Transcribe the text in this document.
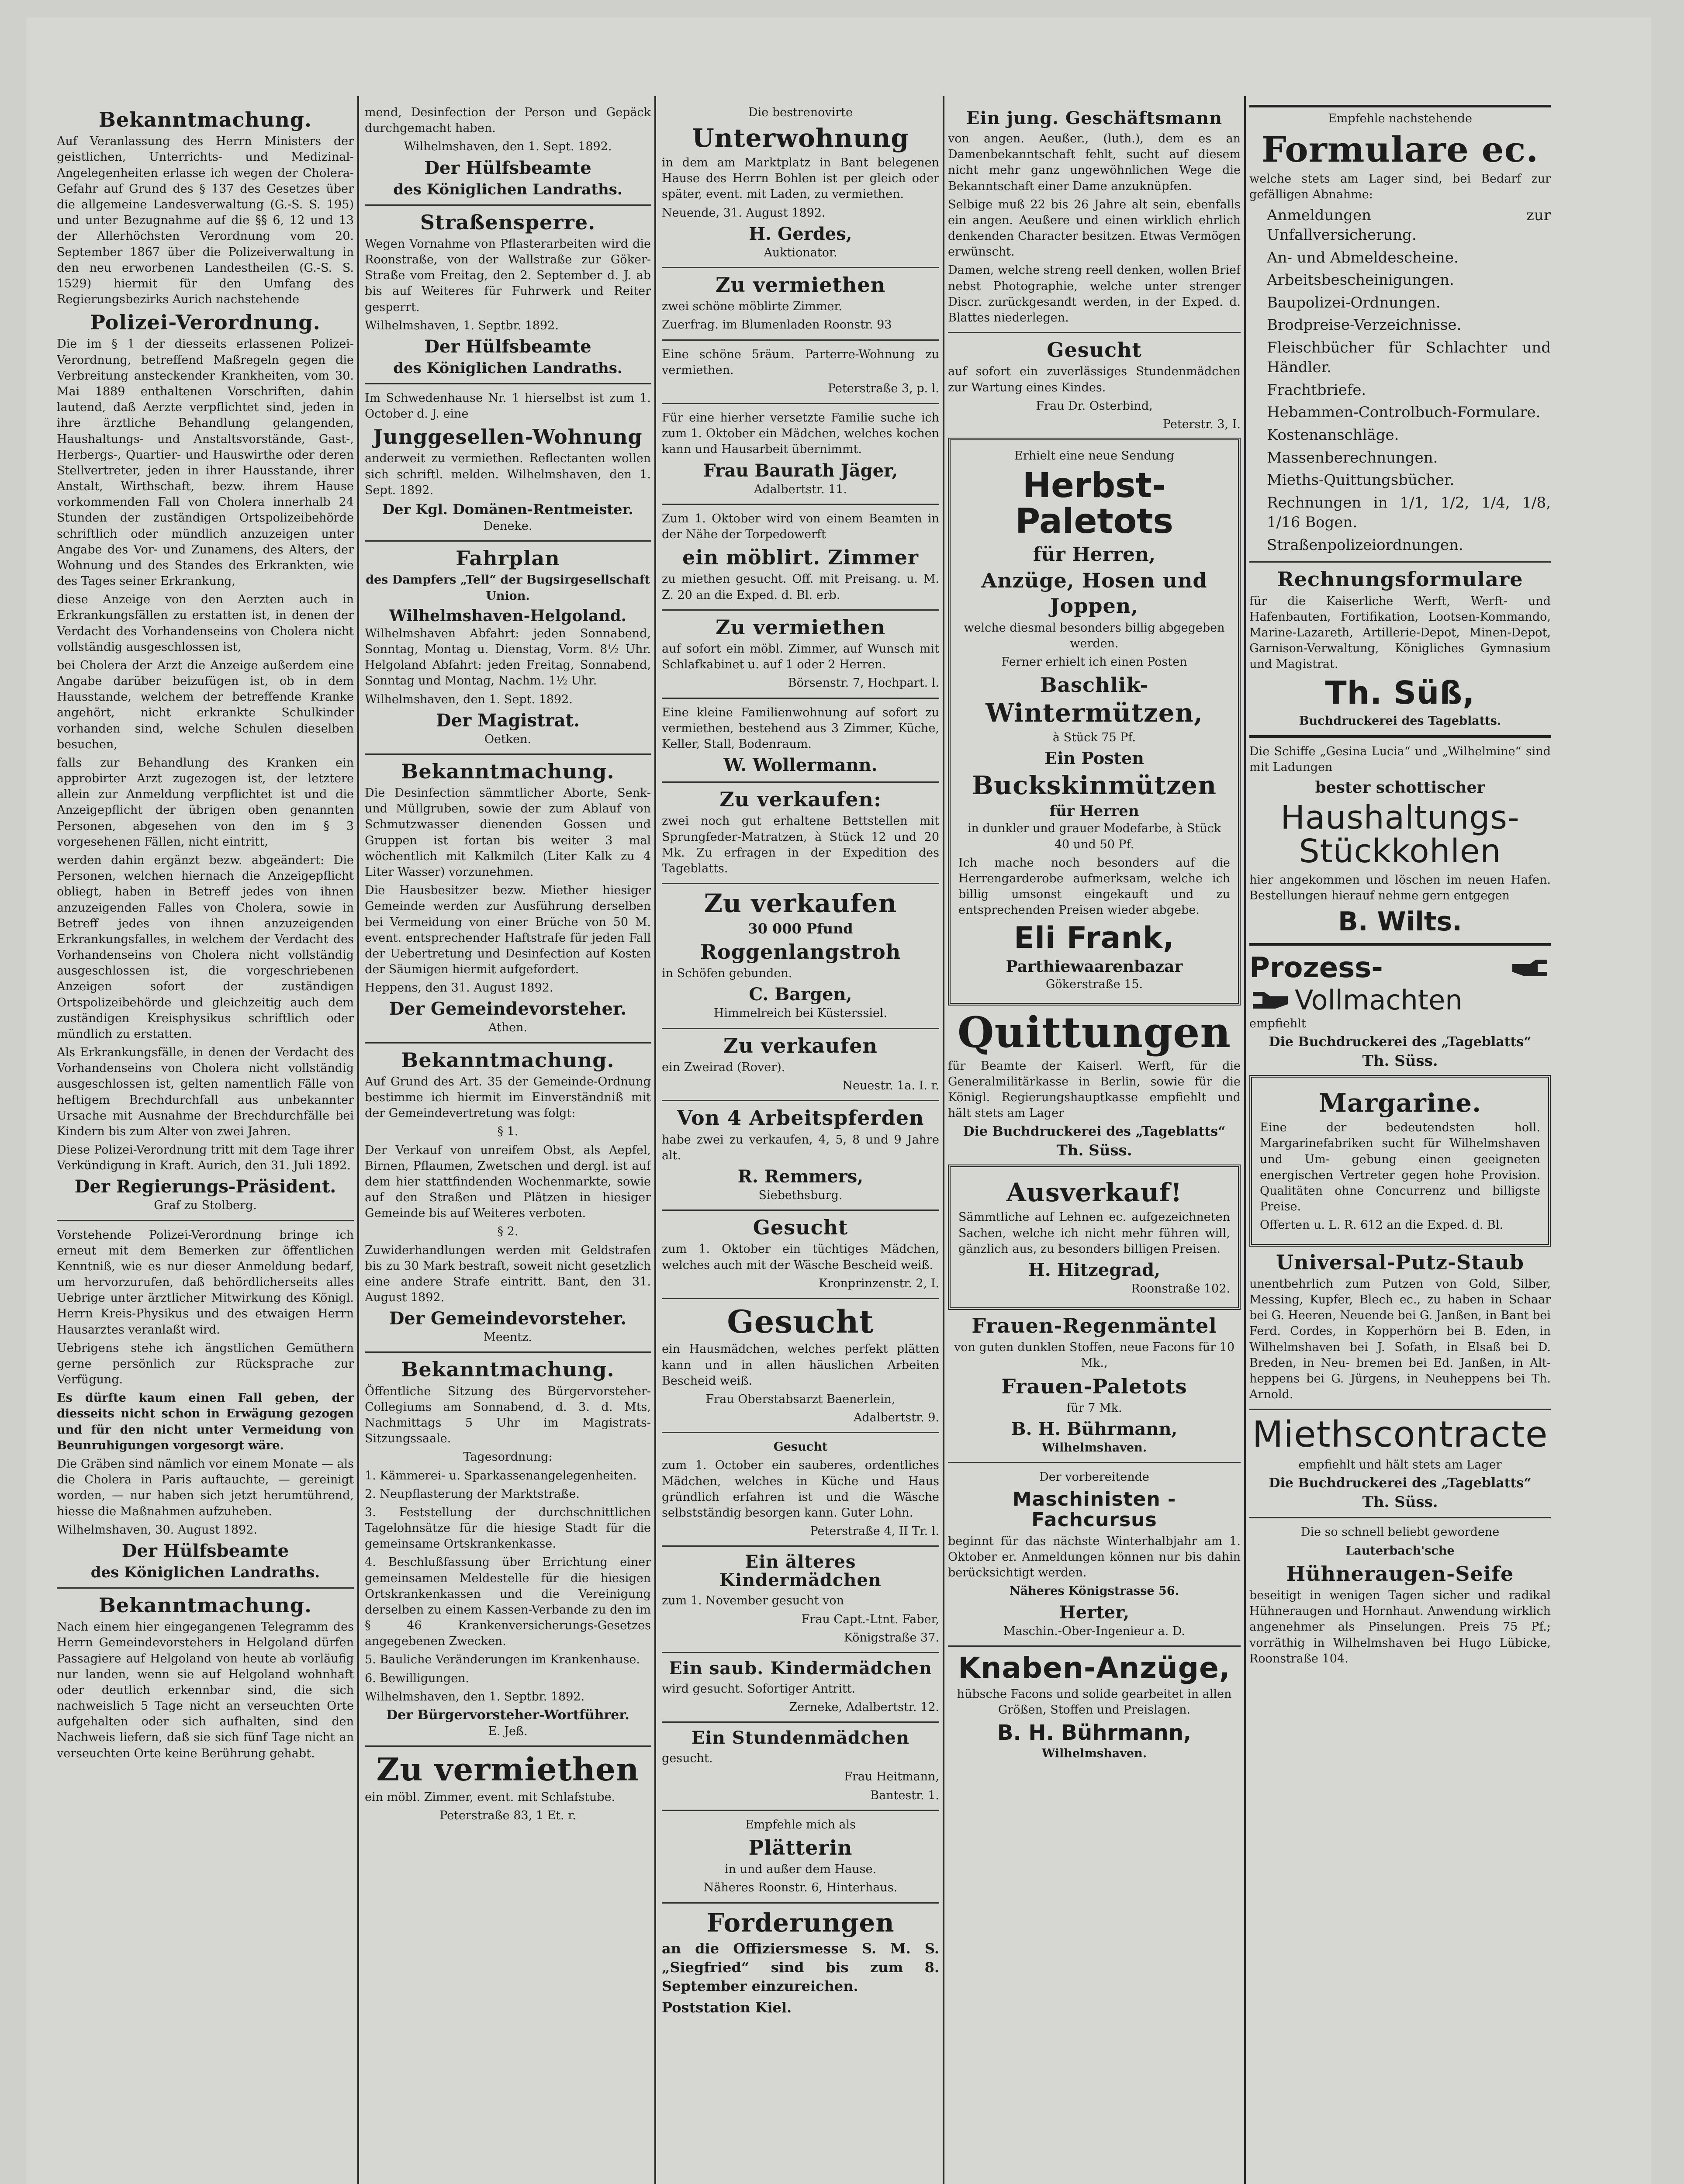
Bekanntmachung.

Auf Veranlassung des Herrn Ministers der geistlichen, Unterrichts- und Medizinal-Angelegenheiten erlasse ich wegen der Cholera-Gefahr auf Grund des § 137 des Gesetzes über die allgemeine Landesverwaltung (G.-S. S. 195) und unter Bezugnahme auf die §§ 6, 12 und 13 der Allerhöchsten Verordnung vom 20. September 1867 über die Polizeiverwaltung in den neu erworbenen Landestheilen (G.-S. S. 1529) hiermit für den Umfang des Regierungsbezirks Aurich nachstehende

Polizei-Verordnung.

Die im § 1 der diesseits erlassenen Polizei-Verordnung, betreffend Maßregeln gegen die Verbreitung ansteckender Krankheiten, vom 30. Mai 1889 enthaltenen Vorschriften, dahin lautend, daß Aerzte verpflichtet sind, jeden in ihre ärztliche Behandlung gelangenden, Haushaltungs- und Anstaltsvorstände, Gast-, Herbergs-, Quartier- und Hauswirthe oder deren Stellvertreter, jeden in ihrer Hausstande, ihrer Anstalt, Wirthschaft, bezw. ihrem Hause vorkommenden Fall von Cholera innerhalb 24 Stunden der zuständigen Ortspolizeibehörde schriftlich oder mündlich anzuzeigen unter Angabe des Vor- und Zunamens, des Alters, der Wohnung und des Standes des Erkrankten, wie des Tages seiner Erkrankung,

diese Anzeige von den Aerzten auch in Erkrankungsfällen zu erstatten ist, in denen der Verdacht des Vorhandenseins von Cholera nicht vollständig ausgeschlossen ist,

bei Cholera der Arzt die Anzeige außerdem eine Angabe darüber beizufügen ist, ob in dem Hausstande, welchem der betreffende Kranke angehört, nicht erkrankte Schulkinder vorhanden sind, welche Schulen dieselben besuchen,

falls zur Behandlung des Kranken ein approbirter Arzt zugezogen ist, der letztere allein zur Anmeldung verpflichtet ist und die Anzeigepflicht der übrigen oben genannten Personen, abgesehen von den im § 3 vorgesehenen Fällen, nicht eintritt,

werden dahin ergänzt bezw. abgeändert: Die Personen, welchen hiernach die Anzeigepflicht obliegt, haben in Betreff jedes von ihnen anzuzeigenden Falles von Cholera, sowie in Betreff jedes von ihnen anzuzeigenden Erkrankungsfalles, in welchem der Verdacht des Vorhandenseins von Cholera nicht vollständig ausgeschlossen ist, die vorgeschriebenen Anzeigen sofort der zuständigen Ortspolizeibehörde und gleichzeitig auch dem zuständigen Kreisphysikus schriftlich oder mündlich zu erstatten.

Als Erkrankungsfälle, in denen der Verdacht des Vorhandenseins von Cholera nicht vollständig ausgeschlossen ist, gelten namentlich Fälle von heftigem Brechdurchfall aus unbekannter Ursache mit Ausnahme der Brechdurchfälle bei Kindern bis zum Alter von zwei Jahren.

Diese Polizei-Verordnung tritt mit dem Tage ihrer Verkündigung in Kraft. Aurich, den 31. Juli 1892.

Der Regierungs-Präsident.
Graf zu Stolberg.

Vorstehende Polizei-Verordnung bringe ich erneut mit dem Bemerken zur öffentlichen Kenntniß, wie es nur dieser Anmeldung bedarf, um hervorzurufen, daß behördlicherseits alles Uebrige unter ärztlicher Mitwirkung des Königl. Herrn Kreis-Physikus und des etwaigen Herrn Hausarztes veranlaßt wird.

Uebrigens stehe ich ängstlichen Gemüthern gerne persönlich zur Rücksprache zur Verfügung.

Es dürfte kaum einen Fall geben, der diesseits nicht schon in Erwägung gezogen und für den nicht unter Vermeidung von Beunruhigungen vorgesorgt wäre.

Die Gräben sind nämlich vor einem Monate — als die Cholera in Paris auftauchte, — gereinigt worden, — nur haben sich jetzt herumtührend, hiesse die Maßnahmen aufzuheben.

Wilhelmshaven, 30. August 1892.

Der Hülfsbeamte
des Königlichen Landraths.
Bekanntmachung.

Nach einem hier eingegangenen Telegramm des Herrn Gemeindevorstehers in Helgoland dürfen Passagiere auf Helgoland von heute ab vorläufig nur landen, wenn sie auf Helgoland wohnhaft oder deutlich erkennbar sind, die sich nachweislich 5 Tage nicht an verseuchten Orte aufgehalten oder sich aufhalten, sind den Nachweis liefern, daß sie sich fünf Tage nicht an verseuchten Orte keine Berührung gehabt.

mend, Desinfection der Person und Gepäck durchgemacht haben.

Wilhelmshaven, den 1. Sept. 1892.

Der Hülfsbeamte
des Königlichen Landraths.
Straßensperre.

Wegen Vornahme von Pflasterarbeiten wird die Roonstraße, von der Wallstraße zur Göker-Straße vom Freitag, den 2. September d. J. ab bis auf Weiteres für Fuhrwerk und Reiter gesperrt.

Wilhelmshaven, 1. Septbr. 1892.

Der Hülfsbeamte
des Königlichen Landraths.

Im Schwedenhause Nr. 1 hierselbst ist zum 1. October d. J. eine

Junggesellen-Wohnung

anderweit zu vermiethen. Reflectanten wollen sich schriftl. melden. Wilhelmshaven, den 1. Sept. 1892.

Der Kgl. Domänen-Rentmeister.
Deneke.
Fahrplan

des Dampfers „Tell“ der Bugsirgesellschaft Union.

Wilhelmshaven-Helgoland.

Wilhelmshaven Abfahrt: jeden Sonnabend, Sonntag, Montag u. Dienstag, Vorm. 8½ Uhr. Helgoland Abfahrt: jeden Freitag, Sonnabend, Sonntag und Montag, Nachm. 1½ Uhr.

Wilhelmshaven, den 1. Sept. 1892.

Der Magistrat.
Oetken.
Bekanntmachung.

Die Desinfection sämmtlicher Aborte, Senk- und Müllgruben, sowie der zum Ablauf von Schmutzwasser dienenden Gossen und Gruppen ist fortan bis weiter 3 mal wöchentlich mit Kalkmilch (Liter Kalk zu 4 Liter Wasser) vorzunehmen.

Die Hausbesitzer bezw. Miether hiesiger Gemeinde werden zur Ausführung derselben bei Vermeidung von einer Brüche von 50 M. event. entsprechender Haftstrafe für jeden Fall der Uebertretung und Desinfection auf Kosten der Säumigen hiermit aufgefordert.

Heppens, den 31. August 1892.

Der Gemeindevorsteher.
Athen.
Bekanntmachung.

Auf Grund des Art. 35 der Gemeinde-Ordnung bestimme ich hiermit im Einverständniß mit der Gemeindevertretung was folgt:

§ 1.

Der Verkauf von unreifem Obst, als Aepfel, Birnen, Pflaumen, Zwetschen und dergl. ist auf dem hier stattfindenden Wochenmarkte, sowie auf den Straßen und Plätzen in hiesiger Gemeinde bis auf Weiteres verboten.

§ 2.

Zuwiderhandlungen werden mit Geldstrafen bis zu 30 Mark bestraft, soweit nicht gesetzlich eine andere Strafe eintritt. Bant, den 31. August 1892.

Der Gemeindevorsteher.
Meentz.
Bekanntmachung.

Öffentliche Sitzung des Bürgervorsteher-Collegiums am Sonnabend, d. 3. d. Mts, Nachmittags 5 Uhr im Magistrats-Sitzungssaale.

Tagesordnung:

1. Kämmerei- u. Sparkassenangelegenheiten.

2. Neupflasterung der Marktstraße.

3. Feststellung der durchschnittlichen Tagelohnsätze für die hiesige Stadt für die gemeinsame Ortskrankenkasse.

4. Beschlußfassung über Errichtung einer gemeinsamen Meldestelle für die hiesigen Ortskrankenkassen und die Vereinigung derselben zu einem Kassen-Verbande zu den im § 46 Krankenversicherungs-Gesetzes angegebenen Zwecken.

5. Bauliche Veränderungen im Krankenhause.

6. Bewilligungen.

Wilhelmshaven, den 1. Septbr. 1892.

Der Bürgervorsteher-Wortführer.
E. Jeß.
Zu vermiethen

ein möbl. Zimmer, event. mit Schlafstube.

Peterstraße 83, 1 Et. r.

Die bestrenovirte

Unterwohnung

in dem am Marktplatz in Bant belegenen Hause des Herrn Bohlen ist per gleich oder später, event. mit Laden, zu vermiethen.

Neuende, 31. August 1892.

H. Gerdes,
Auktionator.
Zu vermiethen

zwei schöne möblirte Zimmer.

Zuerfrag. im Blumenladen Roonstr. 93

Eine schöne 5räum. Parterre-Wohnung zu vermiethen.

Peterstraße 3, p. l.

Für eine hierher versetzte Familie suche ich zum 1. Oktober ein Mädchen, welches kochen kann und Hausarbeit übernimmt.

Frau Baurath Jäger,
Adalbertstr. 11.

Zum 1. Oktober wird von einem Beamten in der Nähe der Torpedowerft

ein möblirt. Zimmer

zu miethen gesucht. Off. mit Preisang. u. M. Z. 20 an die Exped. d. Bl. erb.

Zu vermiethen

auf sofort ein möbl. Zimmer, auf Wunsch mit Schlafkabinet u. auf 1 oder 2 Herren.

Börsenstr. 7, Hochpart. l.

Eine kleine Familienwohnung auf sofort zu vermiethen, bestehend aus 3 Zimmer, Küche, Keller, Stall, Bodenraum.

W. Wollermann.
Zu verkaufen:

zwei noch gut erhaltene Bettstellen mit Sprungfeder-Matratzen, à Stück 12 und 20 Mk. Zu erfragen in der Expedition des Tageblatts.

Zu verkaufen
30 000 Pfund
Roggenlangstroh

in Schöfen gebunden.

C. Bargen,
Himmelreich bei Küsterssiel.
Zu verkaufen

ein Zweirad (Rover).

Neuestr. 1a. I. r.

Von 4 Arbeitspferden

habe zwei zu verkaufen, 4, 5, 8 und 9 Jahre alt.

R. Remmers,
Siebethsburg.
Gesucht

zum 1. Oktober ein tüchtiges Mädchen, welches auch mit der Wäsche Bescheid weiß.

Kronprinzenstr. 2, I.

Gesucht

ein Hausmädchen, welches perfekt plätten kann und in allen häuslichen Arbeiten Bescheid weiß.

Frau Oberstabsarzt Baenerlein,

Adalbertstr. 9.

Gesucht

zum 1. October ein sauberes, ordentliches Mädchen, welches in Küche und Haus gründlich erfahren ist und die Wäsche selbstständig besorgen kann. Guter Lohn.

Peterstraße 4, II Tr. l.

Ein älteres Kindermädchen

zum 1. November gesucht von

Frau Capt.-Ltnt. Faber,

Königstraße 37.

Ein saub. Kindermädchen

wird gesucht. Sofortiger Antritt.

Zerneke, Adalbertstr. 12.

Ein Stundenmädchen

gesucht.

Frau Heitmann,

Bantestr. 1.

Empfehle mich als

Plätterin

in und außer dem Hause.

Näheres Roonstr. 6, Hinterhaus.

Forderungen

an die Offiziersmesse S. M. S. „Siegfried“ sind bis zum 8. September einzureichen.

Poststation Kiel.

Ein jung. Geschäftsmann

von angen. Aeußer., (luth.), dem es an Damenbekanntschaft fehlt, sucht auf diesem nicht mehr ganz ungewöhnlichen Wege die Bekanntschaft einer Dame anzuknüpfen.

Selbige muß 22 bis 26 Jahre alt sein, ebenfalls ein angen. Aeußere und einen wirklich ehrlich denkenden Character besitzen. Etwas Vermögen erwünscht.

Damen, welche streng reell denken, wollen Brief nebst Photographie, welche unter strenger Discr. zurückgesandt werden, in der Exped. d. Blattes niederlegen.

Gesucht

auf sofort ein zuverlässiges Stundenmädchen zur Wartung eines Kindes.

Frau Dr. Osterbind,

Peterstr. 3, I.

Erhielt eine neue Sendung

Herbst-Paletots
für Herren,
Anzüge, Hosen und
Joppen,

welche diesmal besonders billig abgegeben werden.

Ferner erhielt ich einen Posten

Baschlik-
Wintermützen,

à Stück 75 Pf.

Ein Posten
Buckskinmützen
für Herren

in dunkler und grauer Modefarbe, à Stück 40 und 50 Pf.

Ich mache noch besonders auf die Herrengarderobe aufmerksam, welche ich billig umsonst eingekauft und zu entsprechenden Preisen wieder abgebe.

Eli Frank,
Parthiewaarenbazar

Gökerstraße 15.

Quittungen

für Beamte der Kaiserl. Werft, für die Generalmilitärkasse in Berlin, sowie für die Königl. Regierungshauptkasse empfiehlt und hält stets am Lager

Die Buchdruckerei des „Tageblatts“
Th. Süss.
Ausverkauf!

Sämmtliche auf Lehnen ec. aufgezeichneten Sachen, welche ich nicht mehr führen will, gänzlich aus, zu besonders billigen Preisen.

H. Hitzegrad,

Roonstraße 102.

Frauen-Regenmäntel

von guten dunklen Stoffen, neue Facons für 10 Mk.,

Frauen-Paletots

für 7 Mk.

B. H. Bührmann,
Wilhelmshaven.

Der vorbereitende

Maschinisten - Fachcursus

beginnt für das nächste Winterhalbjahr am 1. Oktober er. Anmeldungen können nur bis dahin berücksichtigt werden.

Näheres Königstrasse 56.

Herter,

Maschin.-Ober-Ingenieur a. D.

Knaben-Anzüge,

hübsche Facons und solide gearbeitet in allen Größen, Stoffen und Preislagen.

B. H. Bührmann,
Wilhelmshaven.

Empfehle nachstehende

Formulare ec.

welche stets am Lager sind, bei Bedarf zur gefälligen Abnahme:

Anmeldungen zur Unfallversicherung.

An- und Abmeldescheine.

Arbeitsbescheinigungen.

Baupolizei-Ordnungen.

Brodpreise-Verzeichnisse.

Fleischbücher für Schlachter und Händler.

Frachtbriefe.

Hebammen-Controlbuch-Formulare.

Kostenanschläge.

Massenberechnungen.

Mieths-Quittungsbücher.

Rechnungen in 1/1, 1/2, 1/4, 1/8, 1/16 Bogen.

Straßenpolizeiordnungen.

Rechnungsformulare

für die Kaiserliche Werft, Werft- und Hafenbauten, Fortifikation, Lootsen-Kommando, Marine-Lazareth, Artillerie-Depot, Minen-Depot, Garnison-Verwaltung, Königliches Gymnasium und Magistrat.

Th. Süß,
Buchdruckerei des Tageblatts.

Die Schiffe „Gesina Lucia“ und „Wilhelmine“ sind mit Ladungen

bester schottischer
Haushaltungs-Stückkohlen

hier angekommen und löschen im neuen Hafen. Bestellungen hierauf nehme gern entgegen

B. Wilts.
Prozess-
Vollmachten

empfiehlt

Die Buchdruckerei des „Tageblatts“
Th. Süss.
Margarine.

Eine der bedeutendsten holl. Margarinefabriken sucht für Wilhelmshaven und Um- gebung einen geeigneten energischen Vertreter gegen hohe Provision. Qualitäten ohne Concurrenz und billigste Preise.

Offerten u. L. R. 612 an die Exped. d. Bl.

Universal-Putz-Staub

unentbehrlich zum Putzen von Gold, Silber, Messing, Kupfer, Blech ec., zu haben in Schaar bei G. Heeren, Neuende bei G. Janßen, in Bant bei Ferd. Cordes, in Kopperhörn bei B. Eden, in Wilhelmshaven bei J. Sofath, in Elsaß bei D. Breden, in Neu- bremen bei Ed. Janßen, in Alt- heppens bei G. Jürgens, in Neuheppens bei Th. Arnold.

Miethscontracte

empfiehlt und hält stets am Lager

Die Buchdruckerei des „Tageblatts“
Th. Süss.

Die so schnell beliebt gewordene

Lauterbach'sche

Hühneraugen-Seife

beseitigt in wenigen Tagen sicher und radikal Hühneraugen und Hornhaut. Anwendung wirklich angenehmer als Pinselungen. Preis 75 Pf.; vorräthig in Wilhelmshaven bei Hugo Lübicke, Roonstraße 104.
